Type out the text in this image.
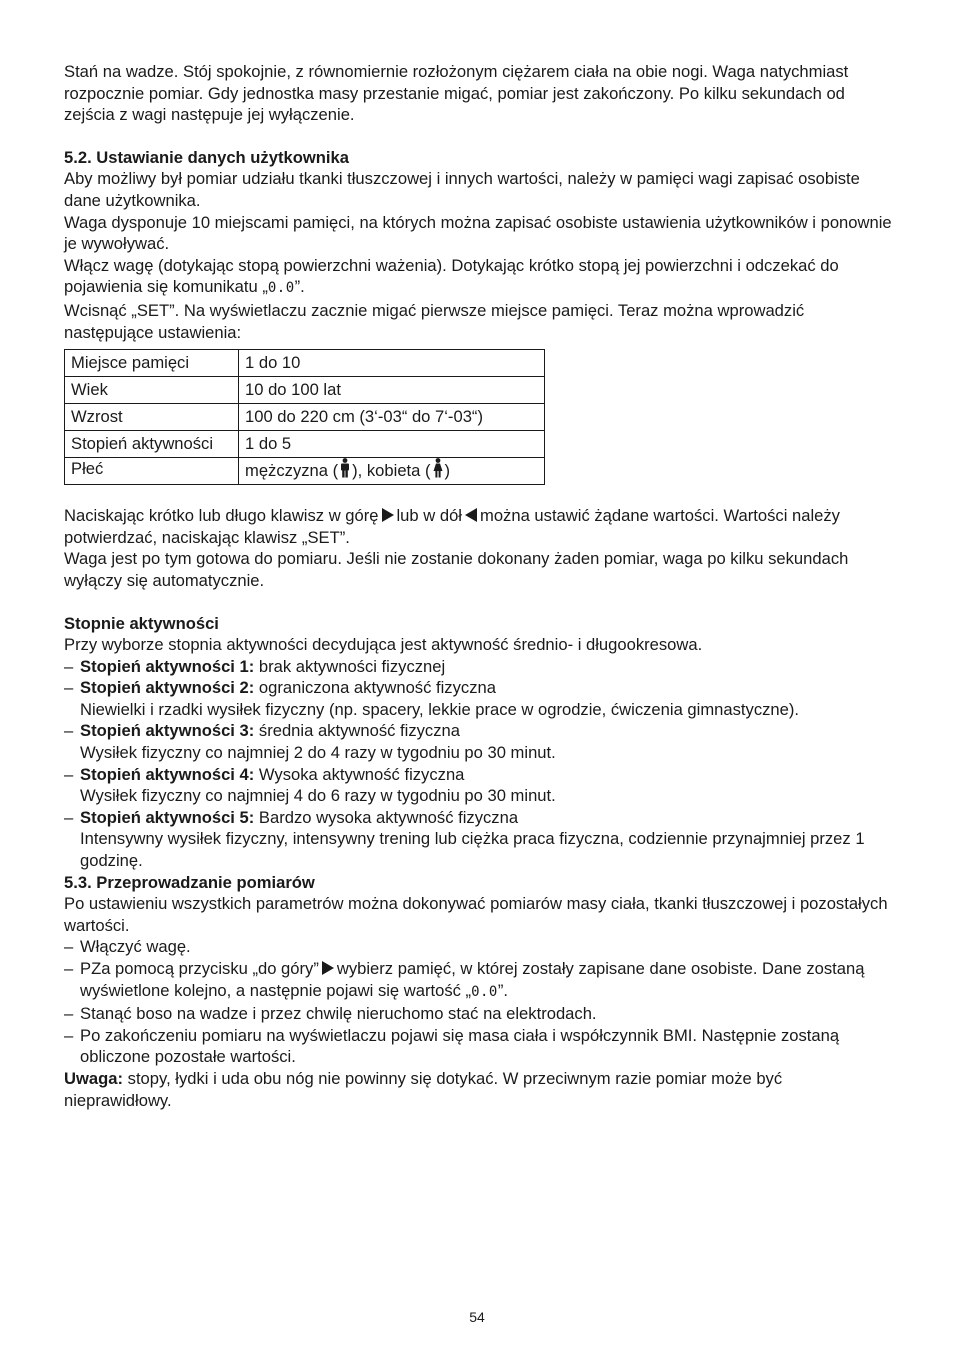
Stań na wadze. Stój spokojnie, z równomiernie rozłożonym ciężarem ciała na obie nogi. Waga natychmiast rozpocznie pomiar. Gdy jednostka masy przestanie migać, pomiar jest zakończony. Po kilku sekundach od zejścia z wagi następuje jej wyłączenie.

5.2. Ustawianie danych użytkownika

Aby możliwy był pomiar udziału tkanki tłuszczowej i innych wartości, należy w pamięci wagi zapisać osobiste dane użytkownika.

Waga dysponuje 10 miejscami pamięci, na których można zapisać osobiste ustawienia użytkowników i ponownie je wywoływać.

Włącz wagę (dotykając stopą powierzchni ważenia). Dotykając krótko stopą jej powierzchni i odczekać do pojawienia się komunikatu „0.0”.

Wcisnąć „SET”. Na wyświetlaczu zacznie migać pierwsze miejsce pamięci. Teraz można wprowadzić następujące ustawienia:

Miejsce pamięci	1 do 10
Wiek	10 do 100 lat
Wzrost	100 do 220 cm (3‘-03“ do 7‘-03“)
Stopień aktywności	1 do 5
Płeć	mężczyzna ( ), kobieta ( )

Naciskając krótko lub długo klawisz w górę lub w dół można ustawić żądane wartości. Wartości należy potwierdzać, naciskając klawisz „SET”.

Waga jest po tym gotowa do pomiaru. Jeśli nie zostanie dokonany żaden pomiar, waga po kilku sekundach wyłączy się automatycznie.

Stopnie aktywności

Przy wyborze stopnia aktywności decydująca jest aktywność średnio- i długookresowa.

– Stopień aktywności 1: brak aktywności fizycznej
– Stopień aktywności 2: ograniczona aktywność fizyczna
Niewielki i rzadki wysiłek fizyczny (np. spacery, lekkie prace w ogrodzie, ćwiczenia gimnastyczne).
– Stopień aktywności 3: średnia aktywność fizyczna
Wysiłek fizyczny co najmniej 2 do 4 razy w tygodniu po 30 minut.
– Stopień aktywności 4: Wysoka aktywność fizyczna
Wysiłek fizyczny co najmniej 4 do 6 razy w tygodniu po 30 minut.
– Stopień aktywności 5: Bardzo wysoka aktywność fizyczna
Intensywny wysiłek fizyczny, intensywny trening lub ciężka praca fizyczna, codziennie przynajmniej przez 1 godzinę.
5.3. Przeprowadzanie pomiarów

Po ustawieniu wszystkich parametrów można dokonywać pomiarów masy ciała, tkanki tłuszczowej i pozostałych wartości.

– Włączyć wagę.
– PZa pomocą przycisku „do góry” wybierz pamięć, w której zostały zapisane dane osobiste. Dane zostaną wyświetlone kolejno, a następnie pojawi się wartość „0.0”.
– Stanąć boso na wadze i przez chwilę nieruchomo stać na elektrodach.
– Po zakończeniu pomiaru na wyświetlaczu pojawi się masa ciała i współczynnik BMI. Następnie zostaną obliczone pozostałe wartości.

Uwaga: stopy, łydki i uda obu nóg nie powinny się dotykać. W przeciwnym razie pomiar może być nieprawidłowy.

54
